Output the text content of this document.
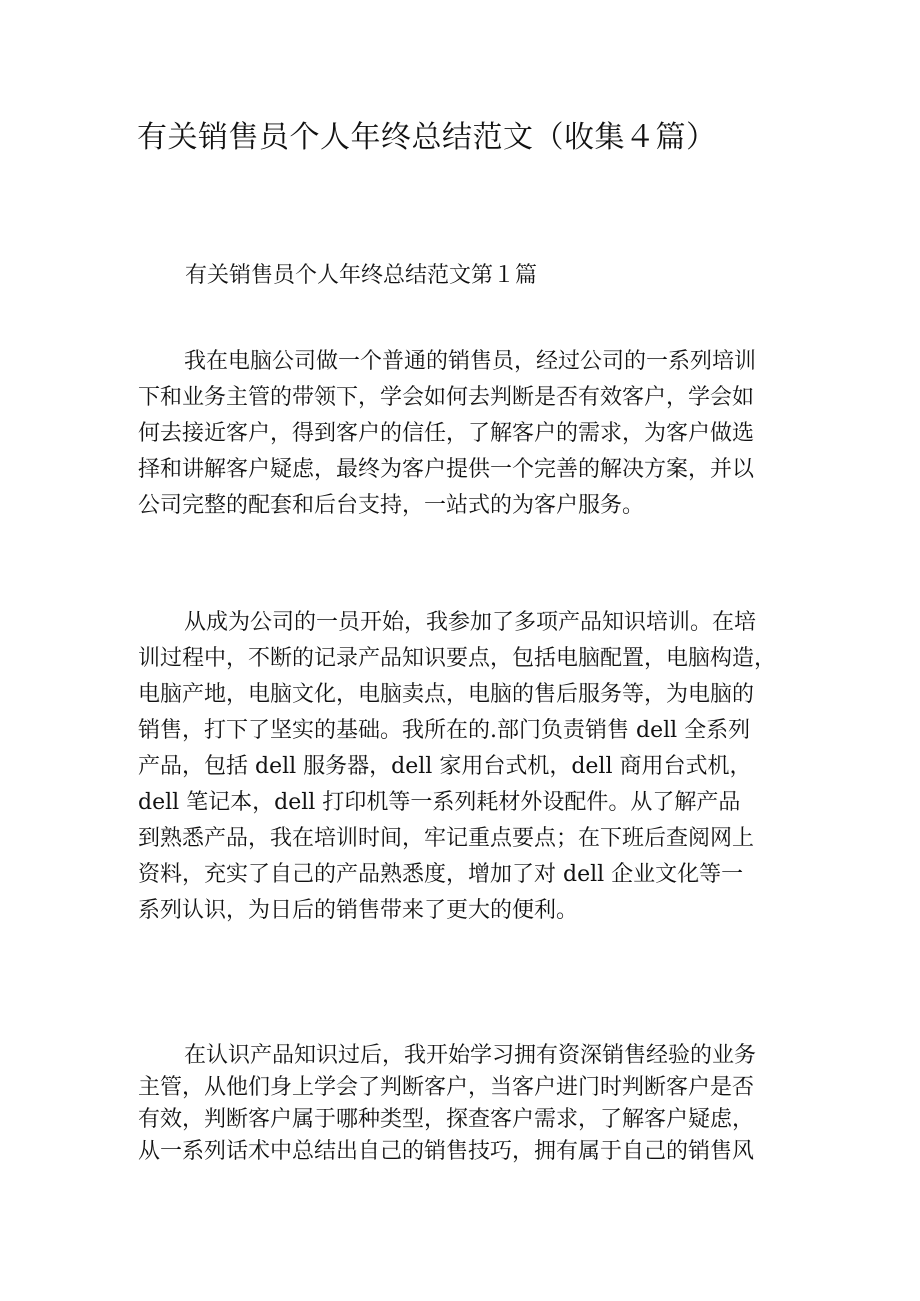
有关销售员个人年终总结范文（收集４篇）
有关销售员个人年终总结范文第１篇
我在电脑公司做一个普通的销售员，经过公司的一系列培训
下和业务主管的带领下，学会如何去判断是否有效客户，学会如
何去接近客户，得到客户的信任，了解客户的需求，为客户做选
择和讲解客户疑虑，最终为客户提供一个完善的解决方案，并以
公司完整的配套和后台支持，一站式的为客户服务。
从成为公司的一员开始，我参加了多项产品知识培训。在培
训过程中，不断的记录产品知识要点，包括电脑配置，电脑构造，
电脑产地，电脑文化，电脑卖点，电脑的售后服务等，为电脑的
销售，打下了坚实的基础。我所在的.部门负责销售 dell 全系列
产品，包括 dell 服务器，dell 家用台式机，dell 商用台式机，
dell 笔记本，dell 打印机等一系列耗材外设配件。从了解产品
到熟悉产品，我在培训时间，牢记重点要点；在下班后查阅网上
资料，充实了自己的产品熟悉度，增加了对 dell 企业文化等一
系列认识，为日后的销售带来了更大的便利。
在认识产品知识过后，我开始学习拥有资深销售经验的业务
主管，从他们身上学会了判断客户，当客户进门时判断客户是否
有效，判断客户属于哪种类型，探查客户需求，了解客户疑虑，
从一系列话术中总结出自己的销售技巧，拥有属于自己的销售风
